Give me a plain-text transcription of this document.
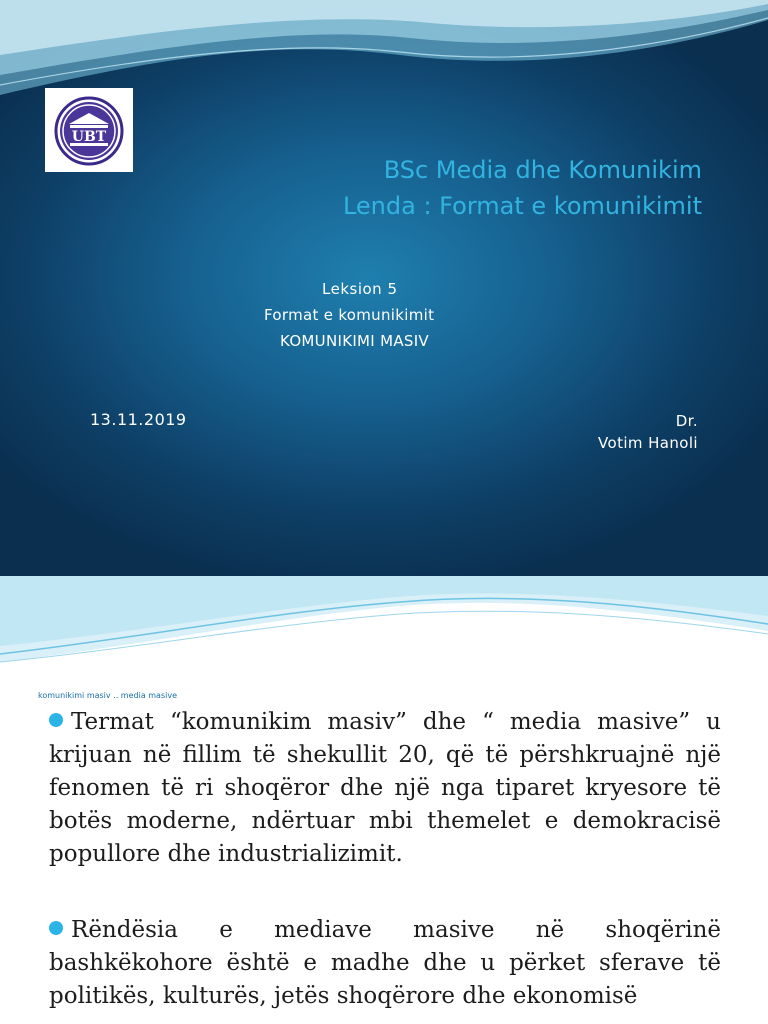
UBT
BSc Media dhe Komunikim
Lenda : Format e komunikimit
Leksion 5
Format e komunikimit
KOMUNIKIMI MASIV
13.11.2019	Dr.
Votim Hanoli
komunikimi masiv .. media masive
Termat “komunikim masiv” dhe “ media masive” u krijuan në fillim të shekullit 20, që të përshkruajnë një fenomen të ri shoqëror dhe një nga tiparet kryesore të botës moderne, ndërtuar mbi themelet e demokracisë popullore dhe industrializimit.
Rëndësia e mediave masive në shoqërinë bashkëkohore është e madhe dhe u përket sferave të politikës, kulturës, jetës shoqërore dhe ekonomisë
